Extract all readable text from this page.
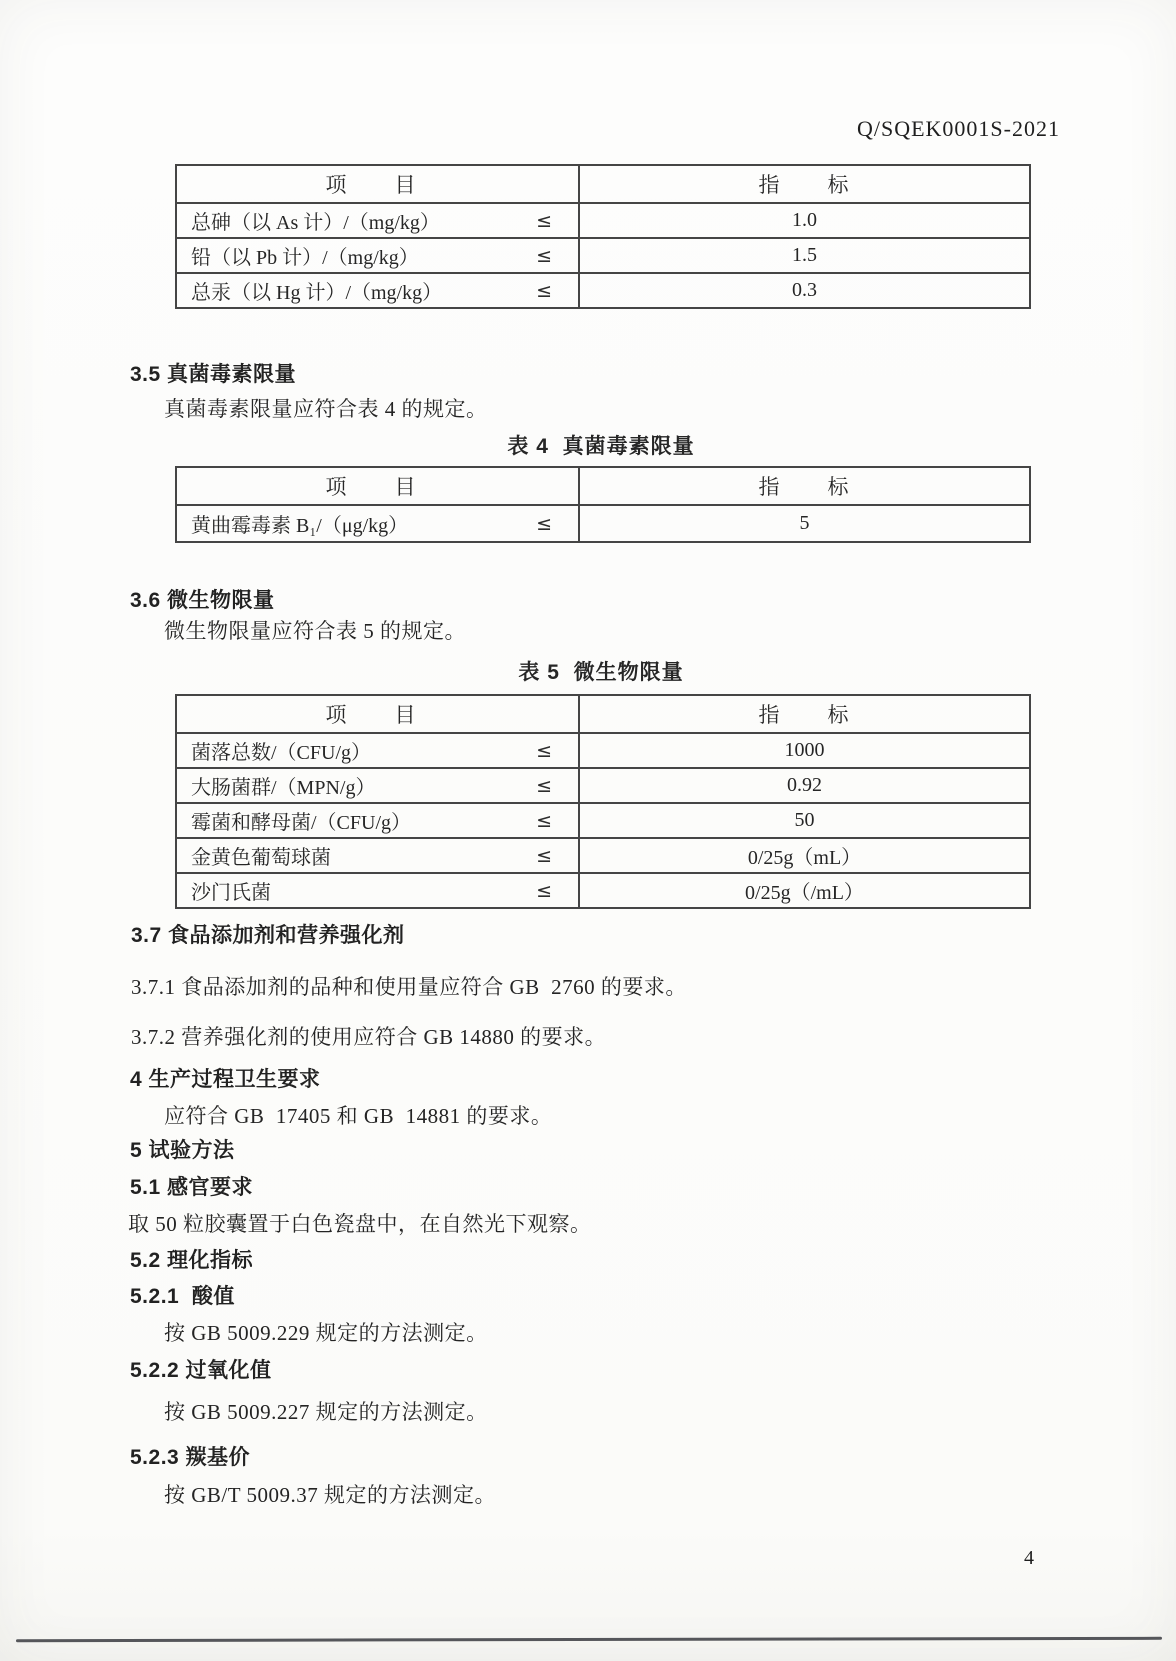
Q/SQEK0001S-2021
项　　目	指　　标
总砷（以 As 计）/（mg/kg）	≤	1.0
铅（以 Pb 计）/（mg/kg）	≤	1.5
总汞（以 Hg 计）/（mg/kg）	≤	0.3
3.5 真菌毒素限量
真菌毒素限量应符合表 4 的规定。
表 4  真菌毒素限量
项　　目	指　　标
黄曲霉毒素 B₁/（μg/kg）	≤	5
3.6 微生物限量
微生物限量应符合表 5 的规定。
表 5  微生物限量
项　　目	指　　标
菌落总数/（CFU/g）	≤	1000
大肠菌群/（MPN/g）	≤	0.92
霉菌和酵母菌/（CFU/g）	≤	50
金黄色葡萄球菌	≤	0/25g（mL）
沙门氏菌	≤	0/25g（/mL）
3.7 食品添加剂和营养强化剂
3.7.1 食品添加剂的品种和使用量应符合 GB  2760 的要求。
3.7.2 营养强化剂的使用应符合 GB 14880 的要求。
4 生产过程卫生要求
应符合 GB  17405 和 GB  14881 的要求。
5 试验方法
5.1 感官要求
取 50 粒胶囊置于白色瓷盘中，在自然光下观察。
5.2 理化指标
5.2.1  酸值
按 GB 5009.229 规定的方法测定。
5.2.2 过氧化值
按 GB 5009.227 规定的方法测定。
5.2.3 羰基价
按 GB/T 5009.37 规定的方法测定。
4
